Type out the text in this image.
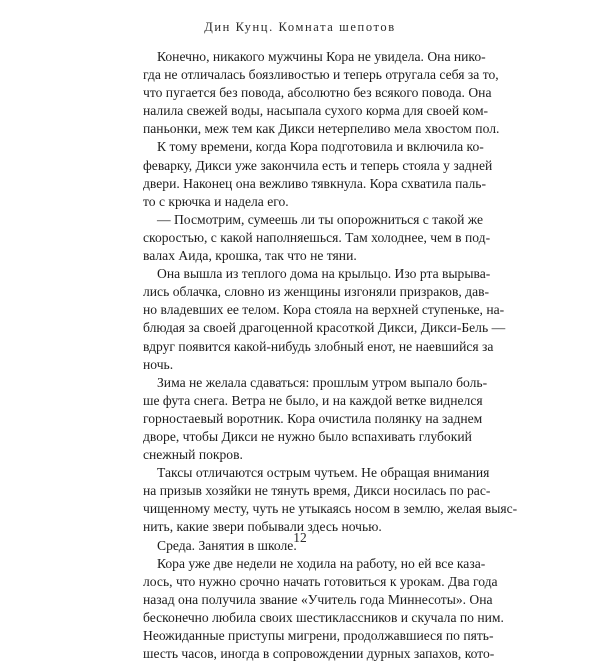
Дин Кунц. Комната шепотов
Конечно, никакого мужчины Кора не увидела. Она нико-
гда не отличалась боязливостью и теперь отругала себя за то,
что пугается без повода, абсолютно без всякого повода. Она
налила свежей воды, насыпала сухого корма для своей ком-
паньонки, меж тем как Дикси нетерпеливо мела хвостом пол.
К тому времени, когда Кора подготовила и включила ко-
феварку, Дикси уже закончила есть и теперь стояла у задней
двери. Наконец она вежливо тявкнула. Кора схватила паль-
то с крючка и надела его.
— Посмотрим, сумеешь ли ты опорожниться с такой же
скоростью, с какой наполняешься. Там холоднее, чем в под-
валах Аида, крошка, так что не тяни.
Она вышла из теплого дома на крыльцо. Изо рта вырыва-
лись облачка, словно из женщины изгоняли призраков, дав-
но владевших ее телом. Кора стояла на верхней ступеньке, на-
блюдая за своей драгоценной красоткой Дикси, Дикси-Бель —
вдруг появится какой-нибудь злобный енот, не наевшийся за
ночь.
Зима не желала сдаваться: прошлым утром выпало боль-
ше фута снега. Ветра не было, и на каждой ветке виднелся
горностаевый воротник. Кора очистила полянку на заднем
дворе, чтобы Дикси не нужно было вспахивать глубокий
снежный покров.
Таксы отличаются острым чутьем. Не обращая внимания
на призыв хозяйки не тянуть время, Дикси носилась по рас-
чищенному месту, чуть не утыкаясь носом в землю, желая выяс-
нить, какие звери побывали здесь ночью.
Среда. Занятия в школе.
Кора уже две недели не ходила на работу, но ей все каза-
лось, что нужно срочно начать готовиться к урокам. Два года
назад она получила звание «Учитель года Миннесоты». Она
бесконечно любила своих шестиклассников и скучала по ним.
Неожиданные приступы мигрени, продолжавшиеся по пять-
шесть часов, иногда в сопровождении дурных запахов, кото-
12
